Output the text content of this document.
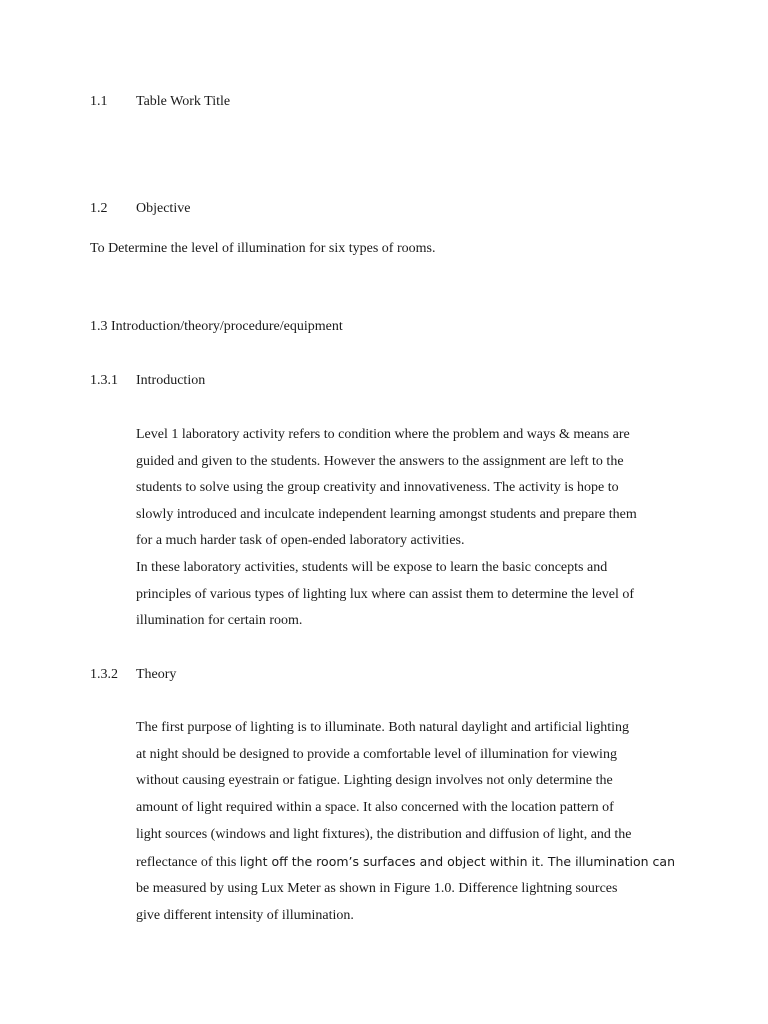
1.1 Table Work Title
1.2 Objective

To Determine the level of illumination for six types of rooms.

1.3 Introduction/theory/procedure/equipment

1.3.1 Introduction
Level 1 laboratory activity refers to condition where the problem and ways & means are
guided and given to the students. However the answers to the assignment are left to the
students to solve using the group creativity and innovativeness. The activity is hope to
slowly introduced and inculcate independent learning amongst students and prepare them
for a much harder task of open-ended laboratory activities.
In these laboratory activities, students will be expose to learn the basic concepts and
principles of various types of lighting lux where can assist them to determine the level of
illumination for certain room.
1.3.2 Theory
The first purpose of lighting is to illuminate. Both natural daylight and artificial lighting
at night should be designed to provide a comfortable level of illumination for viewing
without causing eyestrain or fatigue. Lighting design involves not only determine the
amount of light required within a space. It also concerned with the location pattern of
light sources (windows and light fixtures), the distribution and diffusion of light, and the
reflectance of this light off the room’s surfaces and object within it. The illumination can
be measured by using Lux Meter as shown in Figure 1.0. Difference lightning sources
give different intensity of illumination.
